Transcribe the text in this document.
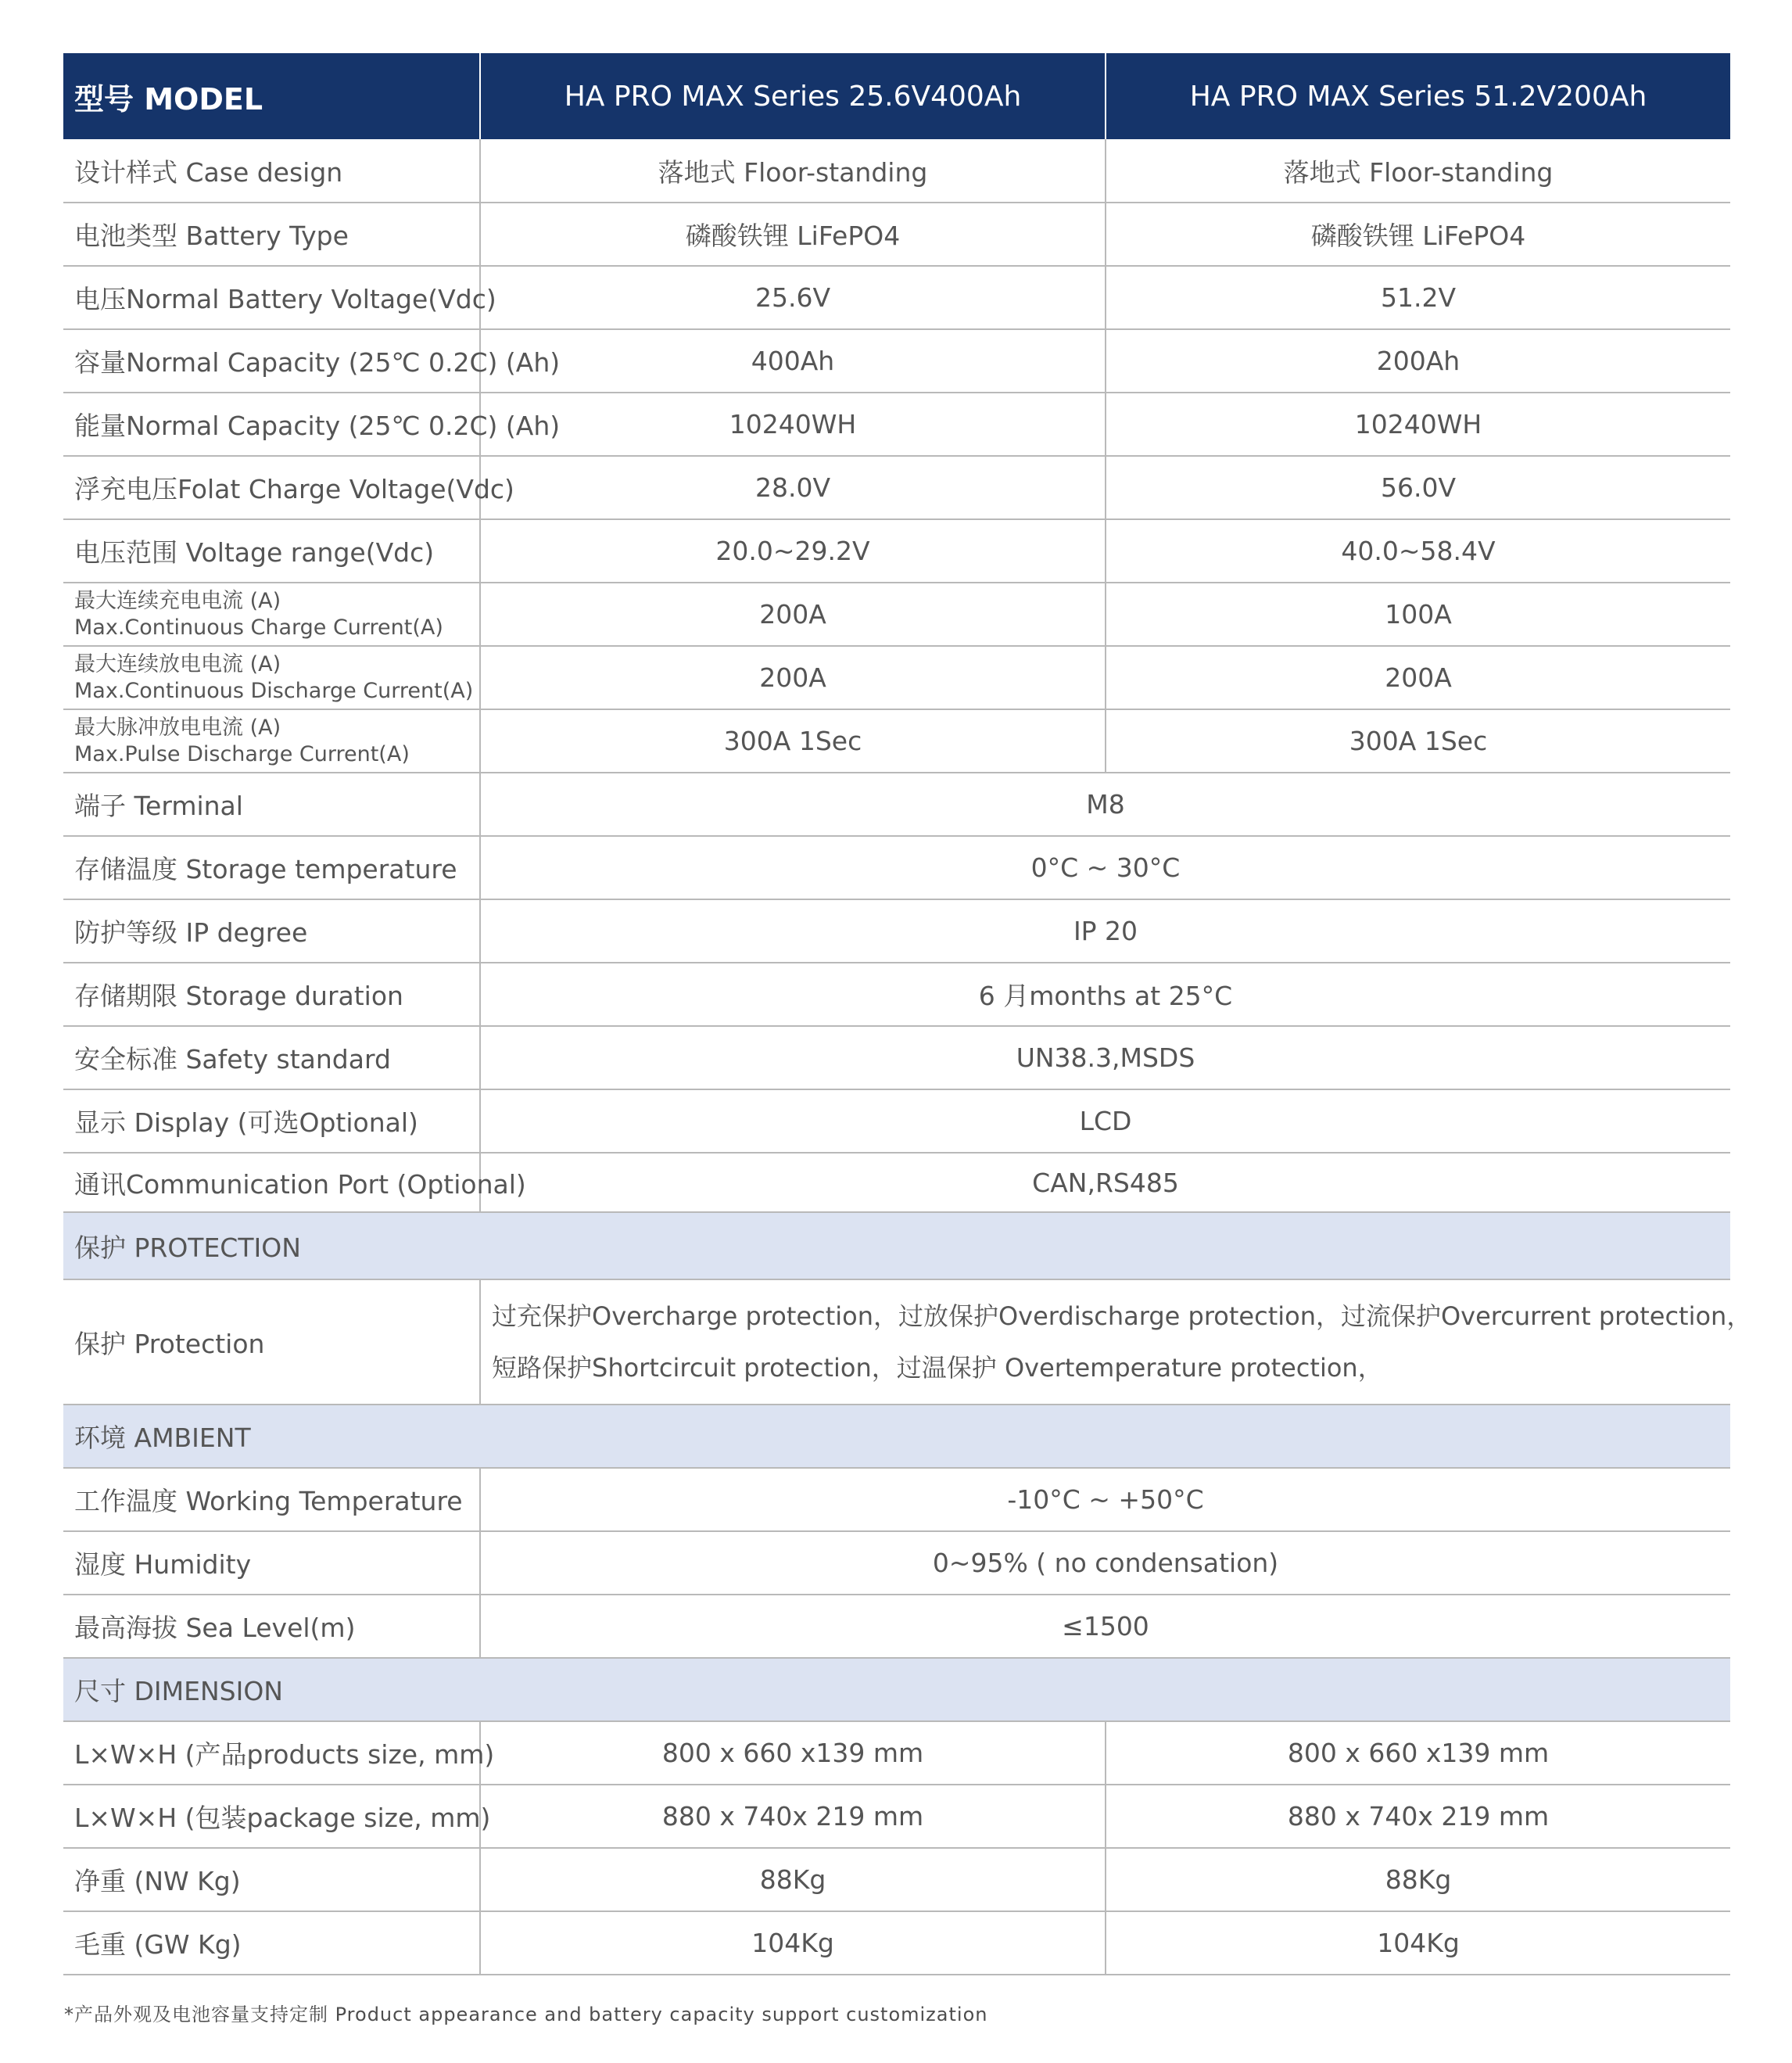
型号 MODEL	HA PRO MAX Series 25.6V400Ah	HA PRO MAX Series 51.2V200Ah
设计样式 Case design	落地式 Floor-standing	落地式 Floor-standing
电池类型 Battery Type	磷酸铁锂 LiFePO4	磷酸铁锂 LiFePO4
电压Normal Battery Voltage(Vdc)	25.6V	51.2V
容量Normal Capacity (25℃ 0.2C) (Ah)	400Ah	200Ah
能量Normal Capacity (25℃ 0.2C) (Ah)	10240WH	10240WH
浮充电压Folat Charge Voltage(Vdc)	28.0V	56.0V
电压范围 Voltage range(Vdc)	20.0~29.2V	40.0~58.4V

最大连续充电电流 (A)
Max.Continuous Charge Current(A)	200A	100A

最大连续放电电流 (A)
Max.Continuous Discharge Current(A)	200A	200A

最大脉冲放电电流 (A)
Max.Pulse Discharge Current(A)	300A 1Sec	300A 1Sec
端子 Terminal	M8	
存储温度 Storage temperature	0°C ~ 30°C	
防护等级 IP degree	IP 20	
存储期限 Storage duration	6 月months at 25°C	
安全标准 Safety standard	UN38.3,MSDS	
显示 Display (可选Optional)	LCD	
通讯Communication Port (Optional)	CAN,RS485	
保护 PROTECTION		
保护 Protection	过充保护Overcharge protection，过放保护Overdischarge protection，过流保护Overcurrent protection，
短路保护Shortcircuit protection，过温保护 Overtemperature protection，	

环境 AMBIENT		
工作温度 Working Temperature	-10°C ~ +50°C	
湿度 Humidity	0~95% ( no condensation)	
最高海拔 Sea Level(m)	≤1500	
尺寸 DIMENSION		
L×W×H (产品products size, mm)	800 x 660 x139 mm	800 x 660 x139 mm
L×W×H (包装package size, mm)	880 x 740x 219 mm	880 x 740x 219 mm
净重 (NW Kg)	88Kg	88Kg
毛重 (GW Kg)	104Kg	104Kg
*产品外观及电池容量支持定制 Product appearance and battery capacity support customization
